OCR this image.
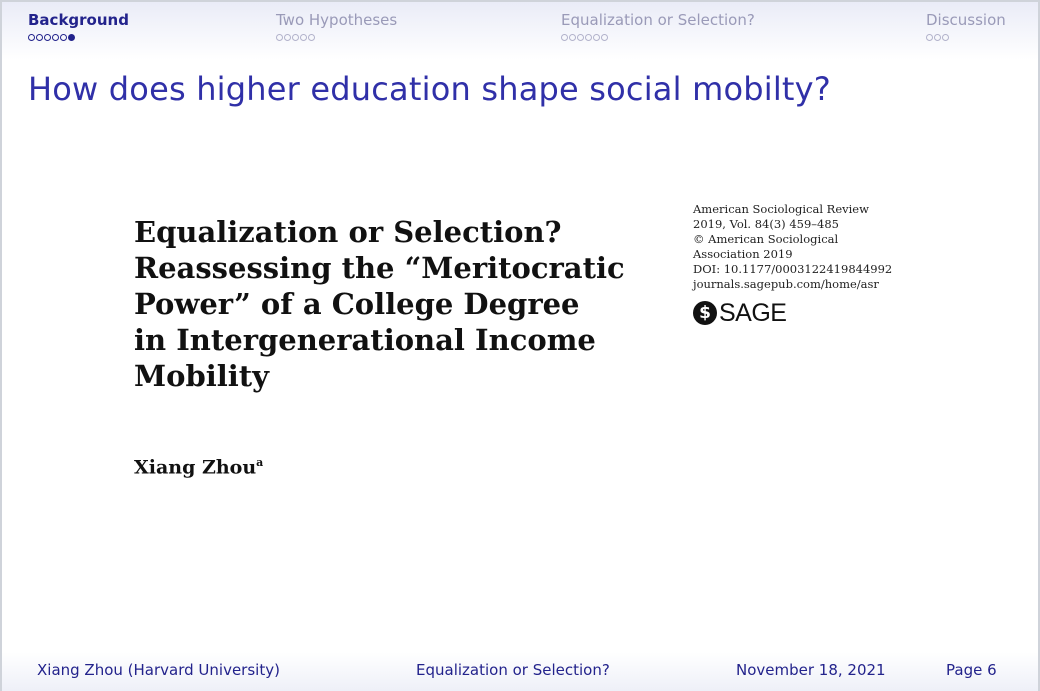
Background	Two Hypotheses	Equalization or Selection?	Discussion
How does higher education shape social mobilty?
Equalization or Selection?
Reassessing the “Meritocratic
Power” of a College Degree
in Intergenerational Income
Mobility
Xiang Zhou$^a$
American Sociological Review
2019, Vol. 84(3) 459–485
© American Sociological
Association 2019
DOI: 10.1177/0003122419844992
journals.sagepub.com/home/asr
$ SAGE
Xiang Zhou (Harvard University)	Equalization or Selection?	November 18, 2021	Page 6
